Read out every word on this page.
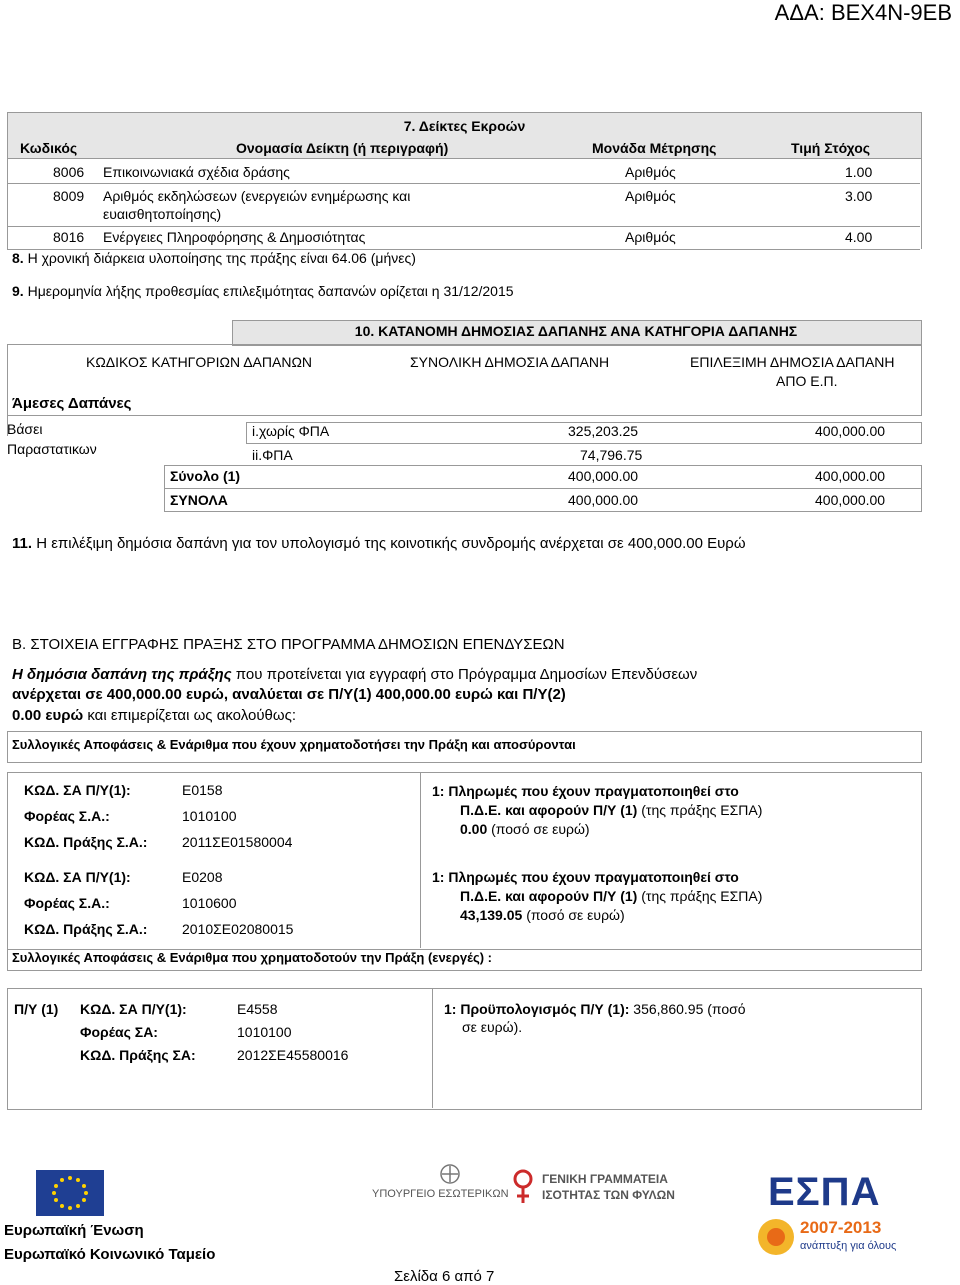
ΑΔΑ: ΒΕΧ4Ν-9ΕΒ
7. Δείκτες Εκροών
Κωδικός	Ονομασία Δείκτη (ή περιγραφή)	Μονάδα Μέτρησης	Τιμή Στόχος
8006 Επικοινωνιακά σχέδια δράσης	Αριθμός	1.00
8009 Αριθμός εκδηλώσεων (ενεργειών ενημέρωσης και
ευαισθητοποίησης)
Αριθμός	3.00
8016 Ενέργειες Πληροφόρησης & Δημοσιότητας	Αριθμός	4.00
8. Η χρονική διάρκεια υλοποίησης της πράξης είναι 64.06 (μήνες)
9. Ημερομηνία λήξης προθεσμίας επιλεξιμότητας δαπανών ορίζεται η 31/12/2015
10. ΚΑΤΑΝΟΜΗ ΔΗΜΟΣΙΑΣ ΔΑΠΑΝΗΣ ΑΝΑ ΚΑΤΗΓΟΡΙΑ ΔΑΠΑΝΗΣ
ΚΩΔΙΚΟΣ ΚΑΤΗΓΟΡΙΩΝ ΔΑΠΑΝΩΝ	ΣΥΝΟΛΙΚΗ ΔΗΜΟΣΙΑ ΔΑΠΑΝΗ	ΕΠΙΛΕΞΙΜΗ ΔΗΜΟΣΙΑ ΔΑΠΑΝΗ
ΑΠΟ Ε.Π.
Άμεσες Δαπάνες
Βάσει
Παραστατικων
i.χωρίς ΦΠΑ	325,203.25	400,000.00
ii.ΦΠΑ	74,796.75
Σύνολο (1)	400,000.00	400,000.00
ΣΥΝΟΛΑ	400,000.00	400,000.00
11. Η επιλέξιμη δημόσια δαπάνη για τον υπολογισμό της κοινοτικής συνδρομής ανέρχεται σε 400,000.00 Ευρώ
Β. ΣΤΟΙΧΕΙΑ ΕΓΓΡΑΦΗΣ ΠΡΑΞΗΣ ΣΤΟ ΠΡΟΓΡΑΜΜΑ ΔΗΜΟΣΙΩΝ ΕΠΕΝΔΥΣΕΩΝ
Η δημόσια δαπάνη της πράξης που προτείνεται για εγγραφή στο Πρόγραμμα Δημοσίων Επενδύσεων
ανέρχεται σε 400,000.00 ευρώ, αναλύεται σε Π/Υ(1) 400,000.00 ευρώ και Π/Υ(2)
0.00 ευρώ και επιμερίζεται ως ακολούθως:
Συλλογικές Αποφάσεις & Ενάριθμα που έχουν χρηματοδοτήσει την Πράξη και αποσύρονται
ΚΩΔ. ΣΑ Π/Υ(1):	Ε0158
Φορέας Σ.Α.:	1010100
ΚΩΔ. Πράξης Σ.Α.: 2011ΣΕ01580004
1: Πληρωμές που έχουν πραγματοποιηθεί στο
Π.Δ.Ε. και αφορούν Π/Υ (1) (της πράξης ΕΣΠΑ)
0.00 (ποσό σε ευρώ)
ΚΩΔ. ΣΑ Π/Υ(1):	Ε0208
Φορέας Σ.Α.:	1010600
ΚΩΔ. Πράξης Σ.Α.: 2010ΣΕ02080015
1: Πληρωμές που έχουν πραγματοποιηθεί στο
Π.Δ.Ε. και αφορούν Π/Υ (1) (της πράξης ΕΣΠΑ)
43,139.05 (ποσό σε ευρώ)
Συλλογικές Αποφάσεις & Ενάριθμα που χρηματοδοτούν την Πράξη (ενεργές) :
Π/Υ (1) ΚΩΔ. ΣΑ Π/Υ(1):	Ε4558
Φορέας ΣΑ:	1010100
ΚΩΔ. Πράξης ΣΑ:	2012ΣΕ45580016
1: Προϋπολογισμός Π/Υ (1): 356,860.95 (ποσό
σε ευρώ).
Ευρωπαϊκή Ένωση
Ευρωπαϊκό Κοινωνικό Ταμείο
ΥΠΟΥΡΓΕΙΟ ΕΣΩΤΕΡΙΚΩΝ
ΓΕΝΙΚΗ ΓΡΑΜΜΑΤΕΙΑ
ΙΣΟΤΗΤΑΣ ΤΩΝ ΦΥΛΩΝ ΕΣΠΑ
2007-2013
ανάπτυξη για όλους
Σελίδα 6 από 7
